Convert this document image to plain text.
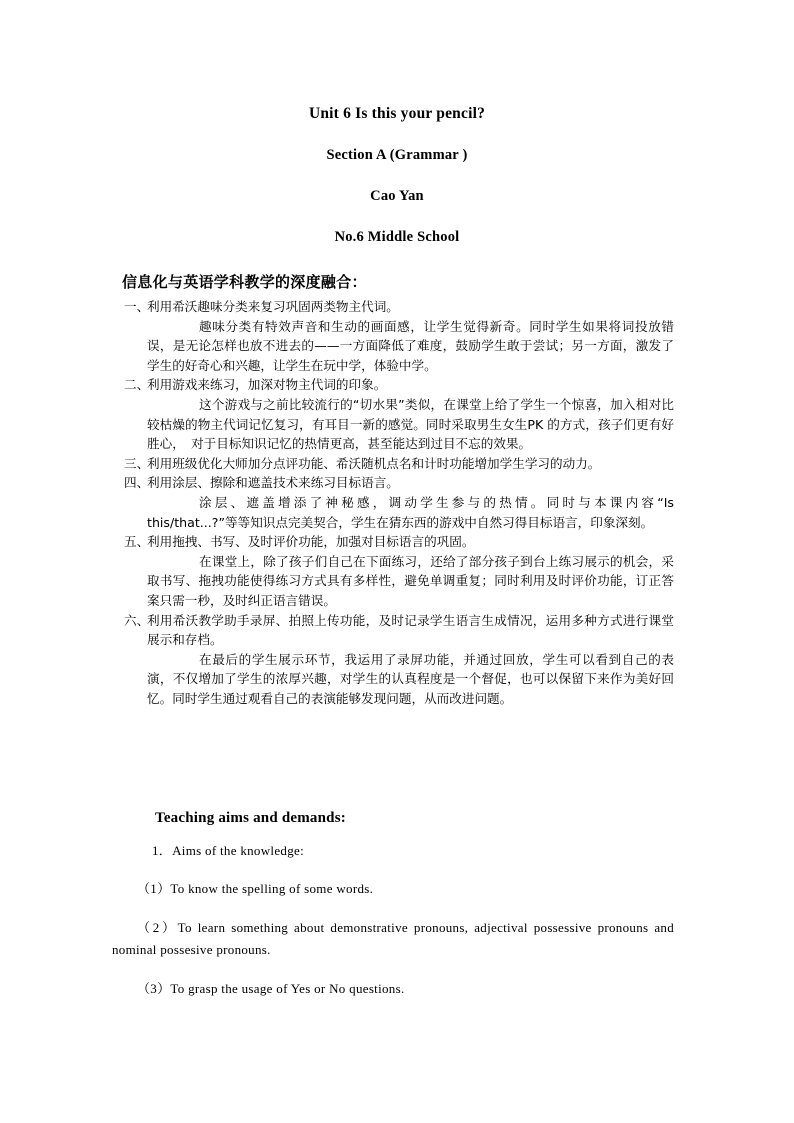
Unit 6 Is this your pencil?
Section A (Grammar )
Cao Yan
No.6 Middle School
信息化与英语学科教学的深度融合：
一、
利用希沃趣味分类来复习巩固两类物主代词。
趣味分类有特效声音和生动的画面感，让学生觉得新奇。同时学生如果将词投放错误，是无论怎样也放不进去的——一方面降低了难度，鼓励学生敢于尝试；另一方面，激发了学生的好奇心和兴趣，让学生在玩中学，体验中学。
二、
利用游戏来练习，加深对物主代词的印象。
这个游戏与之前比较流行的“切水果”类似，在课堂上给了学生一个惊喜，加入相对比较枯燥的物主代词记忆复习，有耳目一新的感觉。同时采取男生女生PK 的方式，孩子们更有好胜心，　对于目标知识记忆的热情更高，甚至能达到过目不忘的效果。
三、
利用班级优化大师加分点评功能、希沃随机点名和计时功能增加学生学习的动力。
四、
利用涂层、擦除和遮盖技术来练习目标语言。
涂层、遮盖增添了神秘感，调动学生参与的热情。同时与本课内容“Is this/that...?”等等知识点完美契合，学生在猜东西的游戏中自然习得目标语言，印象深刻。
五、
利用拖拽、书写、及时评价功能，加强对目标语言的巩固。
在课堂上，除了孩子们自己在下面练习，还给了部分孩子到台上练习展示的机会，采取书写、拖拽功能使得练习方式具有多样性，避免单调重复；同时利用及时评价功能，订正答案只需一秒，及时纠正语言错误。
六、
利用希沃教学助手录屏、拍照上传功能，及时记录学生语言生成情况，运用多种方式进行课堂展示和存档。
在最后的学生展示环节，我运用了录屏功能，并通过回放，学生可以看到自己的表演，不仅增加了学生的浓厚兴趣，对学生的认真程度是一个督促，也可以保留下来作为美好回忆。同时学生通过观看自己的表演能够发现问题，从而改进问题。
Teaching aims and demands:
1．Aims of the knowledge:
（1）To know the spelling of some words.
（2）To learn something about demonstrative pronouns, adjectival possessive pronouns and nominal possesive pronouns.
（3）To grasp the usage of Yes or No questions.
